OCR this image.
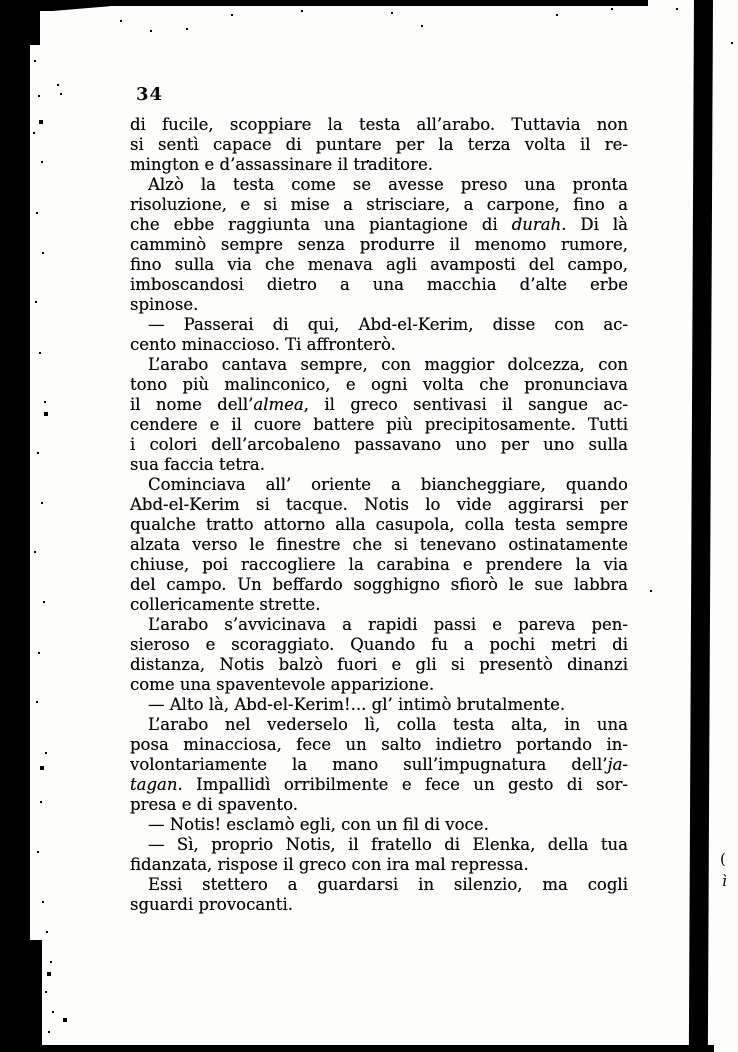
(
ì
34
di fucile, scoppiare la testa all’arabo. Tuttavia non
si sentì capace di puntare per la terza volta il re-
mington e d’assassinare il traditore.
Alzò la testa come se avesse preso una pronta
risoluzione, e si mise a strisciare, a carpone, fino a
che ebbe raggiunta una piantagione di durah. Di là
camminò sempre senza produrre il menomo rumore,
fino sulla via che menava agli avamposti del campo,
imboscandosi dietro a una macchia d’alte erbe
spinose.
— Passerai di qui, Abd-el-Kerim, disse con ac-
cento minaccioso. Ti affronterò.
L’arabo cantava sempre, con maggior dolcezza, con
tono più malinconico, e ogni volta che pronunciava
il nome dell’almea, il greco sentivasi il sangue ac-
cendere e il cuore battere più precipitosamente. Tutti
i colori dell’arcobaleno passavano uno per uno sulla
sua faccia tetra.
Cominciava all’ oriente a biancheggiare, quando
Abd-el-Kerim si tacque. Notis lo vide aggirarsi per
qualche tratto attorno alla casupola, colla testa sempre
alzata verso le finestre che si tenevano ostinatamente
chiuse, poi raccogliere la carabina e prendere la via
del campo. Un beffardo sogghigno sfiorò le sue labbra
collericamente strette.
L’arabo s’avvicinava a rapidi passi e pareva pen-
sieroso e scoraggiato. Quando fu a pochi metri di
distanza, Notis balzò fuori e gli si presentò dinanzi
come una spaventevole apparizione.
— Alto là, Abd-el-Kerim!... gl’ intimò brutalmente.
L’arabo nel vederselo lì, colla testa alta, in una
posa minacciosa, fece un salto indietro portando in-
volontariamente la mano sull’impugnatura dell’ja-
tagan. Impallidì orribilmente e fece un gesto di sor-
presa e di spavento.
— Notis! esclamò egli, con un fil di voce.
— Sì, proprio Notis, il fratello di Elenka, della tua
fidanzata, rispose il greco con ira mal repressa.
Essi stettero a guardarsi in silenzio, ma cogli
sguardi provocanti.
